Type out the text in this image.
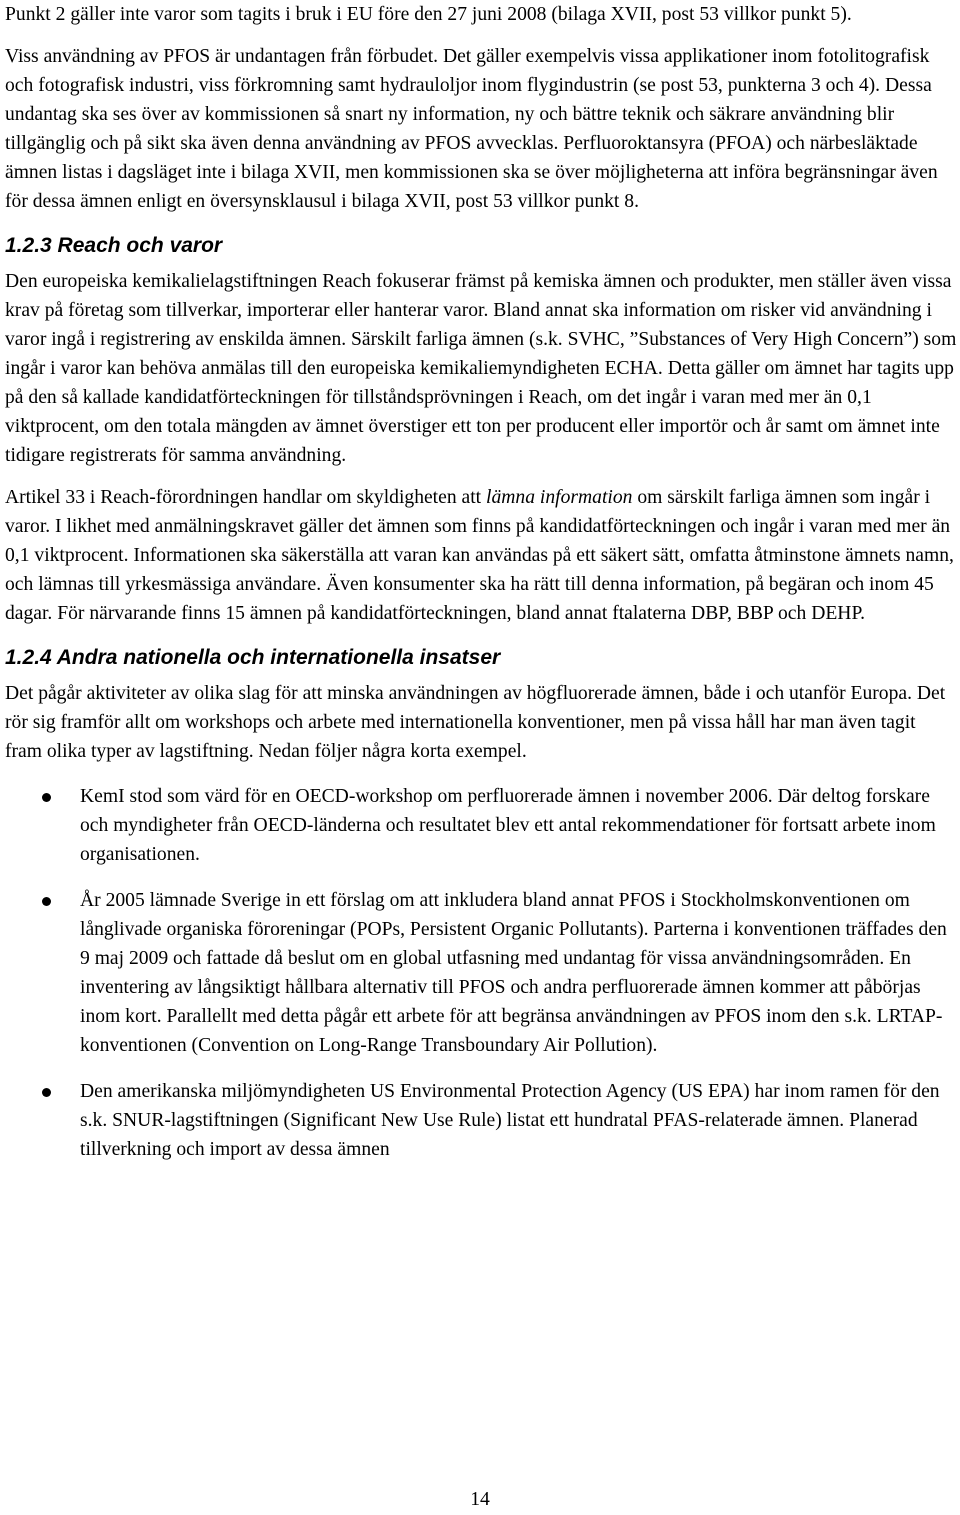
Punkt 2 gäller inte varor som tagits i bruk i EU före den 27 juni 2008 (bilaga XVII, post 53 villkor punkt 5).

Viss användning av PFOS är undantagen från förbudet. Det gäller exempelvis vissa applikationer inom fotolitografisk och fotografisk industri, viss förkromning samt hydrauloljor inom flygindustrin (se post 53, punkterna 3 och 4). Dessa undantag ska ses över av kommissionen så snart ny information, ny och bättre teknik och säkrare användning blir tillgänglig och på sikt ska även denna användning av PFOS avvecklas. Perfluoroktansyra (PFOA) och närbesläktade ämnen listas i dagsläget inte i bilaga XVII, men kommissionen ska se över möjligheterna att införa begränsningar även för dessa ämnen enligt en översynsklausul i bilaga XVII, post 53 villkor punkt 8.

1.2.3 Reach och varor

Den europeiska kemikalielagstiftningen Reach fokuserar främst på kemiska ämnen och produkter, men ställer även vissa krav på företag som tillverkar, importerar eller hanterar varor. Bland annat ska information om risker vid användning i varor ingå i registrering av enskilda ämnen. Särskilt farliga ämnen (s.k. SVHC, ”Substances of Very High Concern”) som ingår i varor kan behöva anmälas till den europeiska kemikaliemyndigheten ECHA. Detta gäller om ämnet har tagits upp på den så kallade kandidatförteckningen för tillståndsprövningen i Reach, om det ingår i varan med mer än 0,1 viktprocent, om den totala mängden av ämnet överstiger ett ton per producent eller importör och år samt om ämnet inte tidigare registrerats för samma användning.

Artikel 33 i Reach-förordningen handlar om skyldigheten att lämna information om särskilt farliga ämnen som ingår i varor. I likhet med anmälningskravet gäller det ämnen som finns på kandidatförteckningen och ingår i varan med mer än 0,1 viktprocent. Informationen ska säkerställa att varan kan användas på ett säkert sätt, omfatta åtminstone ämnets namn, och lämnas till yrkesmässiga användare. Även konsumenter ska ha rätt till denna information, på begäran och inom 45 dagar. För närvarande finns 15 ämnen på kandidatförteckningen, bland annat ftalaterna DBP, BBP och DEHP.

1.2.4 Andra nationella och internationella insatser

Det pågår aktiviteter av olika slag för att minska användningen av högfluorerade ämnen, både i och utanför Europa. Det rör sig framför allt om workshops och arbete med internationella konventioner, men på vissa håll har man även tagit fram olika typer av lagstiftning. Nedan följer några korta exempel.

KemI stod som värd för en OECD-workshop om perfluorerade ämnen i november 2006. Där deltog forskare och myndigheter från OECD-länderna och resultatet blev ett antal rekommendationer för fortsatt arbete inom organisationen.
År 2005 lämnade Sverige in ett förslag om att inkludera bland annat PFOS i Stockholmskonventionen om långlivade organiska föroreningar (POPs, Persistent Organic Pollutants). Parterna i konventionen träffades den 9 maj 2009 och fattade då beslut om en global utfasning med undantag för vissa användningsområden. En inventering av långsiktigt hållbara alternativ till PFOS och andra perfluorerade ämnen kommer att påbörjas inom kort. Parallellt med detta pågår ett arbete för att begränsa användningen av PFOS inom den s.k. LRTAP-konventionen (Convention on Long-Range Transboundary Air Pollution).
Den amerikanska miljömyndigheten US Environmental Protection Agency (US EPA) har inom ramen för den s.k. SNUR-lagstiftningen (Significant New Use Rule) listat ett hundratal PFAS-relaterade ämnen. Planerad tillverkning och import av dessa ämnen
14
